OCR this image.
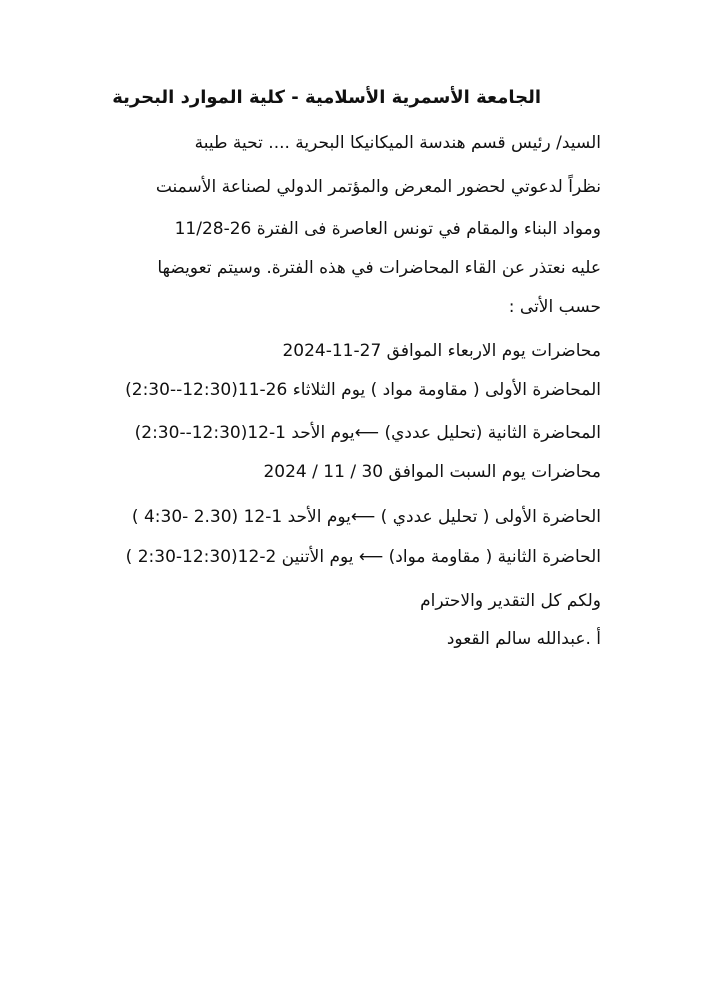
الجامعة الأسمرية الأسلامية - كلية الموارد البحرية

السيد/ رئيس قسم هندسة الميكانيكا البحرية .... تحية طيبة

نظراً لدعوتي لحضور المعرض والمؤتمر الدولي لصناعة الأسمنت

ومواد البناء والمقام في تونس العاصرة فى الفترة 26-11/28

عليه نعتذر عن القاء المحاضرات في هذه الفترة. وسيتم تعويضها

حسب الأتى :

محاضرات يوم الاربعاء الموافق 27-11-2024

المحاضرة الأولى ( مقاومة مواد ) يوم الثلاثاء 26-11(12:30--2:30)

المحاضرة الثانية (تحليل عددي) ⟵يوم الأحد 1-12(12:30--2:30)

محاضرات يوم السبت الموافق 30 / 11 / 2024

الحاضرة الأولى ( تحليل عددي ) ⟵يوم الأحد 1-12 (2.30 -4:30 )

الحاضرة الثانية ( مقاومة مواد) ⟵ يوم الأتنين 2-12(12:30-2:30 )

ولكم كل التقدير والاحترام

أ .عبدالله سالم القعود
